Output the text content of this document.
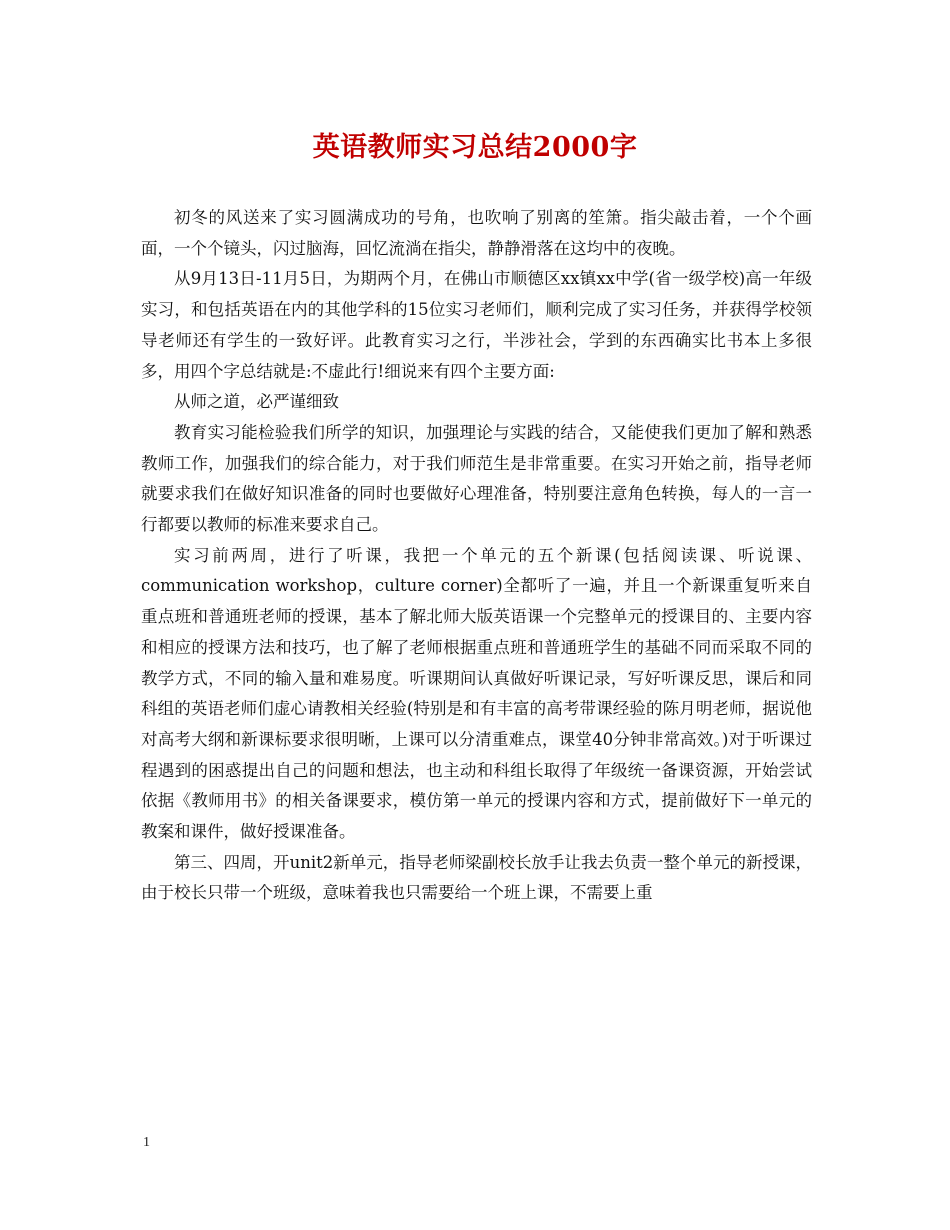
英语教师实习总结2000字

初冬的风送来了实习圆满成功的号角，也吹响了别离的笙箫。指尖敲击着，一个个画面，一个个镜头，闪过脑海，回忆流淌在指尖，静静滑落在这均中的夜晚。

从9月13日-11月5日，为期两个月，在佛山市顺德区xx镇xx中学(省一级学校)高一年级实习，和包括英语在内的其他学科的15位实习老师们，顺利完成了实习任务，并获得学校领导老师还有学生的一致好评。此教育实习之行，半涉社会，学到的东西确实比书本上多很多，用四个字总结就是:不虚此行!细说来有四个主要方面:

从师之道，必严谨细致

教育实习能检验我们所学的知识，加强理论与实践的结合，又能使我们更加了解和熟悉教师工作，加强我们的综合能力，对于我们师范生是非常重要。在实习开始之前，指导老师就要求我们在做好知识准备的同时也要做好心理准备，特别要注意角色转换，每人的一言一行都要以教师的标准来要求自己。

实习前两周，进行了听课，我把一个单元的五个新课(包括阅读课、听说课、communication workshop，culture corner)全都听了一遍，并且一个新课重复听来自重点班和普通班老师的授课，基本了解北师大版英语课一个完整单元的授课目的、主要内容和相应的授课方法和技巧，也了解了老师根据重点班和普通班学生的基础不同而采取不同的教学方式，不同的输入量和难易度。听课期间认真做好听课记录，写好听课反思，课后和同科组的英语老师们虚心请教相关经验(特别是和有丰富的高考带课经验的陈月明老师，据说他对高考大纲和新课标要求很明晰，上课可以分清重难点，课堂40分钟非常高效。)对于听课过程遇到的困惑提出自己的问题和想法，也主动和科组长取得了年级统一备课资源，开始尝试依据《教师用书》的相关备课要求，模仿第一单元的授课内容和方式，提前做好下一单元的教案和课件，做好授课准备。

第三、四周，开unit2新单元，指导老师梁副校长放手让我去负责一整个单元的新授课，由于校长只带一个班级，意味着我也只需要给一个班上课，不需要上重

1
